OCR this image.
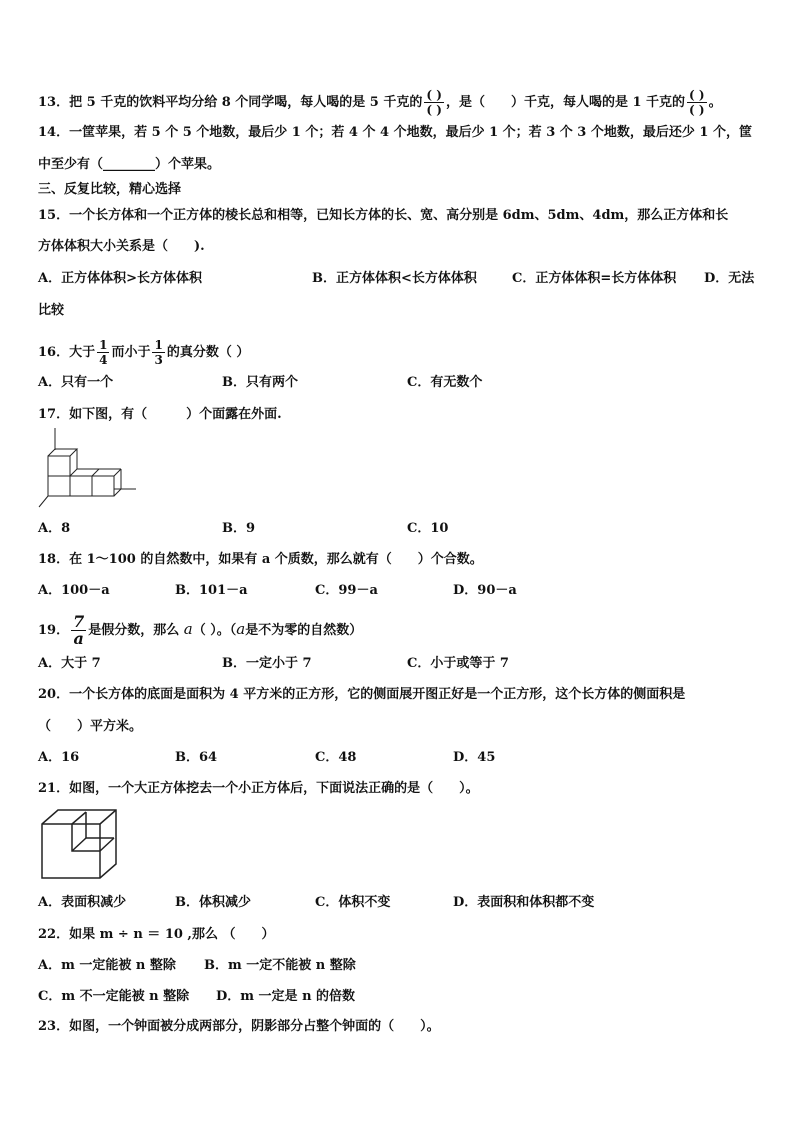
13．把 5 千克的饮料平均分给 8 个同学喝，每人喝的是 5 千克的 $\frac{( )}{( )}$ ，是（　　）千克，每人喝的是 1 千克的 $\frac{( )}{( )}$ 。
14．一筐苹果，若 5 个 5 个地数，最后少 1 个；若 4 个 4 个地数，最后少 1 个；若 3 个 3 个地数，最后还少 1 个，筐
中至少有（________）个苹果。
三、反复比较，精心选择
15．一个长方体和一个正方体的棱长总和相等，已知长方体的长、宽、高分别是 6dm、5dm、4dm，那么正方体和长
方体体积大小关系是（　　).
A．正方体体积>长方体体积	B．正方体体积<长方体体积	C．正方体体积=长方体体积 D．无法
比较
16．大于 $\frac{1}{4}$ 而小于 $\frac{1}{3}$ 的真分数（ ）
A．只有一个	B．只有两个	C．有无数个
17．如下图，有（　　　）个面露在外面.
A．8	B．9	C．10
18．在 1～100 的自然数中，如果有 a 个质数，那么就有（　　）个合数。
A．100－a	B．101－a	C．99－a	D．90－a
19． $\frac{7}{a}$ 是假分数，那么 a（ ）。（a是不为零的自然数）
A．大于 7	B．一定小于 7	C．小于或等于 7
20．一个长方体的底面是面积为 4 平方米的正方形，它的侧面展开图正好是一个正方形，这个长方体的侧面积是
（　　）平方米。
A．16	B．64	C．48	D．45
21．如图，一个大正方体挖去一个小正方体后，下面说法正确的是（　　）。
A．表面积减少	B．体积减少	C．体积不变	D．表面积和体积都不变
22．如果 m ÷ n ＝ 10 ,那么 （　　）
A．m 一定能被 n 整除 B．m 一定不能被 n 整除
C．m 不一定能被 n 整除 D．m 一定是 n 的倍数
23．如图，一个钟面被分成两部分，阴影部分占整个钟面的（　　）。
